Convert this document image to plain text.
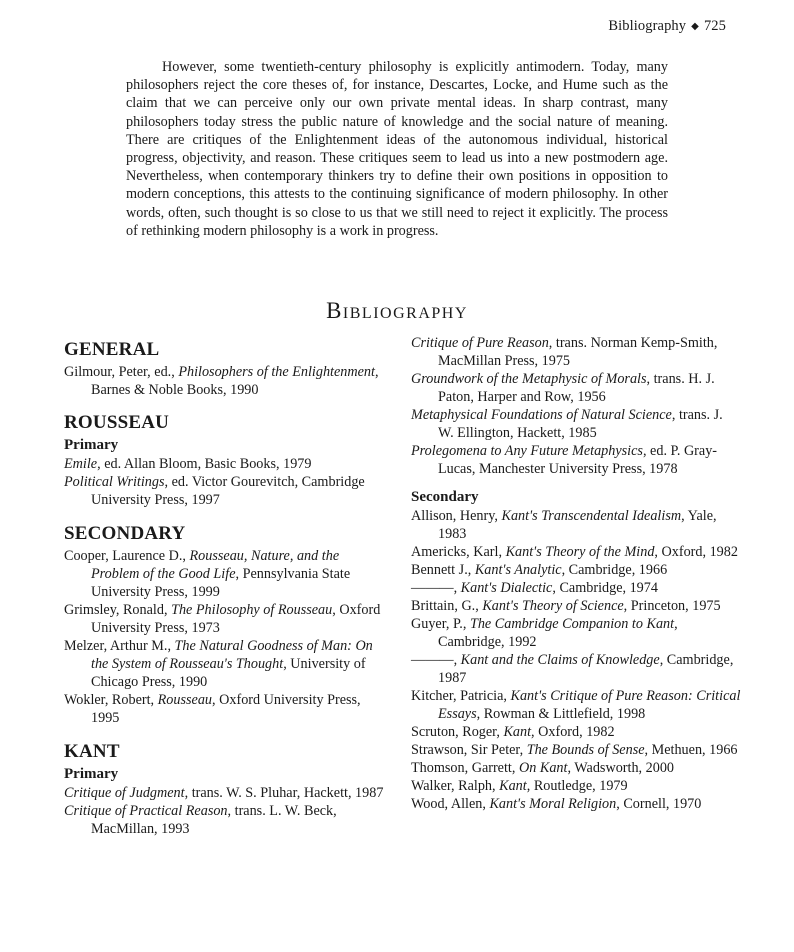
Bibliography ◆ 725

However, some twentieth-century philosophy is explicitly antimodern. Today, many philosophers reject the core theses of, for instance, Descartes, Locke, and Hume such as the claim that we can perceive only our own private mental ideas. In sharp contrast, many philosophers today stress the public nature of knowledge and the social nature of meaning. There are critiques of the Enlightenment ideas of the autonomous individual, historical progress, objectivity, and reason. These critiques seem to lead us into a new postmodern age. Nevertheless, when contemporary thinkers try to define their own positions in opposition to modern conceptions, this attests to the continuing significance of modern philosophy. In other words, often, such thought is so close to us that we still need to reject it explicitly. The process of rethinking modern philosophy is a work in progress.

Bibliography
GENERAL

Gilmour, Peter, ed., Philosophers of the Enlightenment, Barnes & Noble Books, 1990

ROUSSEAU
Primary

Emile, ed. Allan Bloom, Basic Books, 1979

Political Writings, ed. Victor Gourevitch, Cambridge University Press, 1997

SECONDARY

Cooper, Laurence D., Rousseau, Nature, and the Problem of the Good Life, Pennsylvania State University Press, 1999

Grimsley, Ronald, The Philosophy of Rousseau, Oxford University Press, 1973

Melzer, Arthur M., The Natural Goodness of Man: On the System of Rousseau's Thought, University of Chicago Press, 1990

Wokler, Robert, Rousseau, Oxford University Press, 1995

KANT
Primary

Critique of Judgment, trans. W. S. Pluhar, Hackett, 1987

Critique of Practical Reason, trans. L. W. Beck, MacMillan, 1993

Critique of Pure Reason, trans. Norman Kemp-Smith, MacMillan Press, 1975

Groundwork of the Metaphysic of Morals, trans. H. J. Paton, Harper and Row, 1956

Metaphysical Foundations of Natural Science, trans. J. W. Ellington, Hackett, 1985

Prolegomena to Any Future Metaphysics, ed. P. Gray-Lucas, Manchester University Press, 1978

Secondary

Allison, Henry, Kant's Transcendental Idealism, Yale, 1983

Americks, Karl, Kant's Theory of the Mind, Oxford, 1982

Bennett J., Kant's Analytic, Cambridge, 1966

———, Kant's Dialectic, Cambridge, 1974

Brittain, G., Kant's Theory of Science, Princeton, 1975

Guyer, P., The Cambridge Companion to Kant, Cambridge, 1992

———, Kant and the Claims of Knowledge, Cambridge, 1987

Kitcher, Patricia, Kant's Critique of Pure Reason: Critical Essays, Rowman & Littlefield, 1998

Scruton, Roger, Kant, Oxford, 1982

Strawson, Sir Peter, The Bounds of Sense, Methuen, 1966

Thomson, Garrett, On Kant, Wadsworth, 2000

Walker, Ralph, Kant, Routledge, 1979

Wood, Allen, Kant's Moral Religion, Cornell, 1970
